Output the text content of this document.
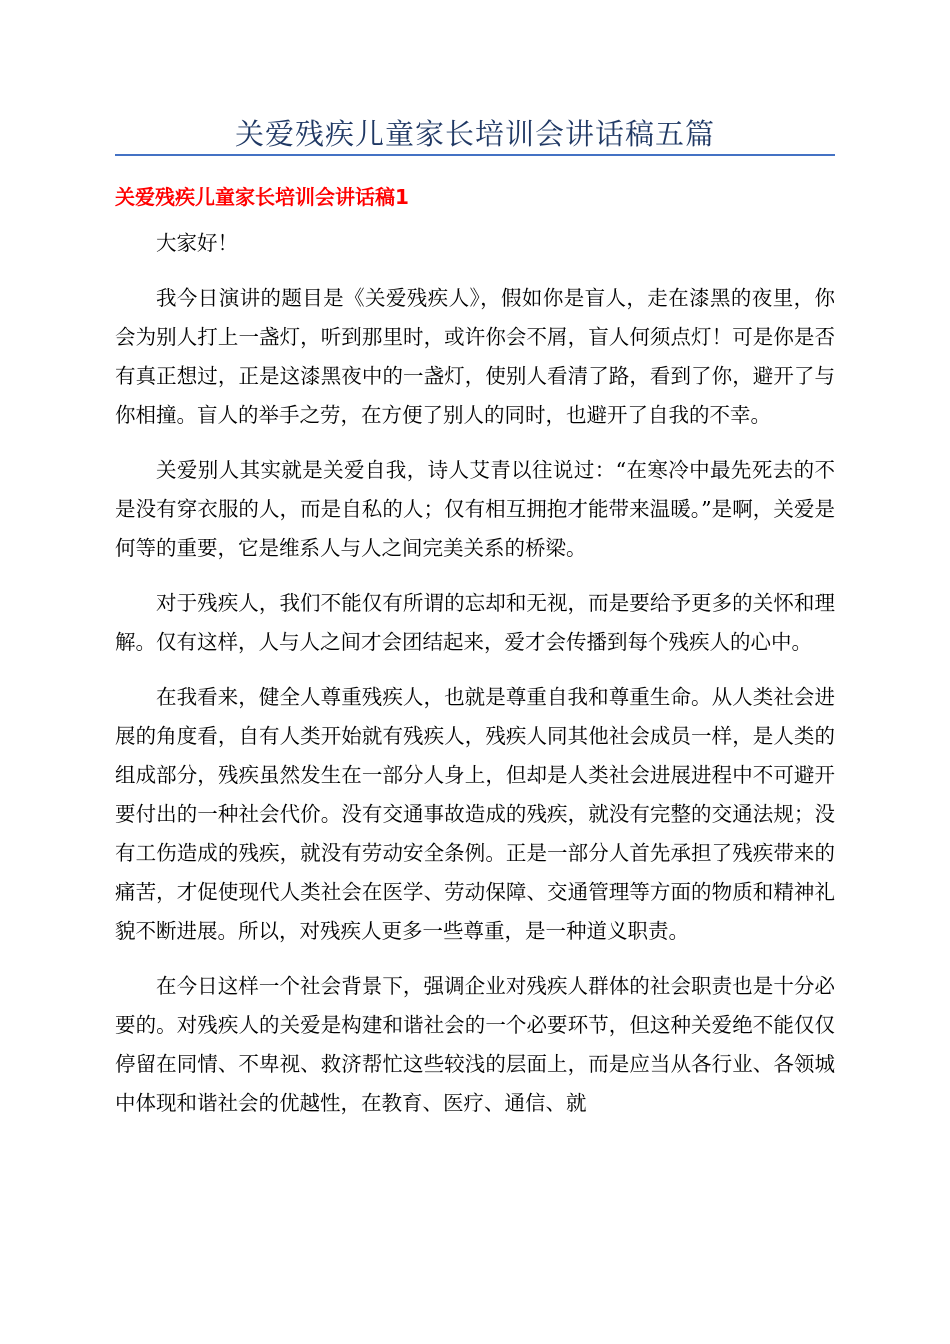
关爱残疾儿童家长培训会讲话稿五篇
关爱残疾儿童家长培训会讲话稿1

大家好！

我今日演讲的题目是《关爱残疾人》，假如你是盲人，走在漆黑的夜里，你会为别人打上一盏灯，听到那里时，或许你会不屑，盲人何须点灯！可是你是否有真正想过，正是这漆黑夜中的一盏灯，使别人看清了路，看到了你，避开了与你相撞。盲人的举手之劳，在方便了别人的同时，也避开了自我的不幸。

关爱别人其实就是关爱自我，诗人艾青以往说过：“在寒冷中最先死去的不是没有穿衣服的人，而是自私的人；仅有相互拥抱才能带来温暖。”是啊，关爱是何等的重要，它是维系人与人之间完美关系的桥梁。

对于残疾人，我们不能仅有所谓的忘却和无视，而是要给予更多的关怀和理解。仅有这样，人与人之间才会团结起来，爱才会传播到每个残疾人的心中。

在我看来，健全人尊重残疾人，也就是尊重自我和尊重生命。从人类社会进展的角度看，自有人类开始就有残疾人，残疾人同其他社会成员一样，是人类的组成部分，残疾虽然发生在一部分人身上，但却是人类社会进展进程中不可避开要付出的一种社会代价。没有交通事故造成的残疾，就没有完整的交通法规；没有工伤造成的残疾，就没有劳动安全条例。正是一部分人首先承担了残疾带来的痛苦，才促使现代人类社会在医学、劳动保障、交通管理等方面的物质和精神礼貌不断进展。所以，对残疾人更多一些尊重，是一种道义职责。

在今日这样一个社会背景下，强调企业对残疾人群体的社会职责也是十分必要的。对残疾人的关爱是构建和谐社会的一个必要环节，但这种关爱绝不能仅仅停留在同情、不卑视、救济帮忙这些较浅的层面上，而是应当从各行业、各领城中体现和谐社会的优越性，在教育、医疗、通信、就
